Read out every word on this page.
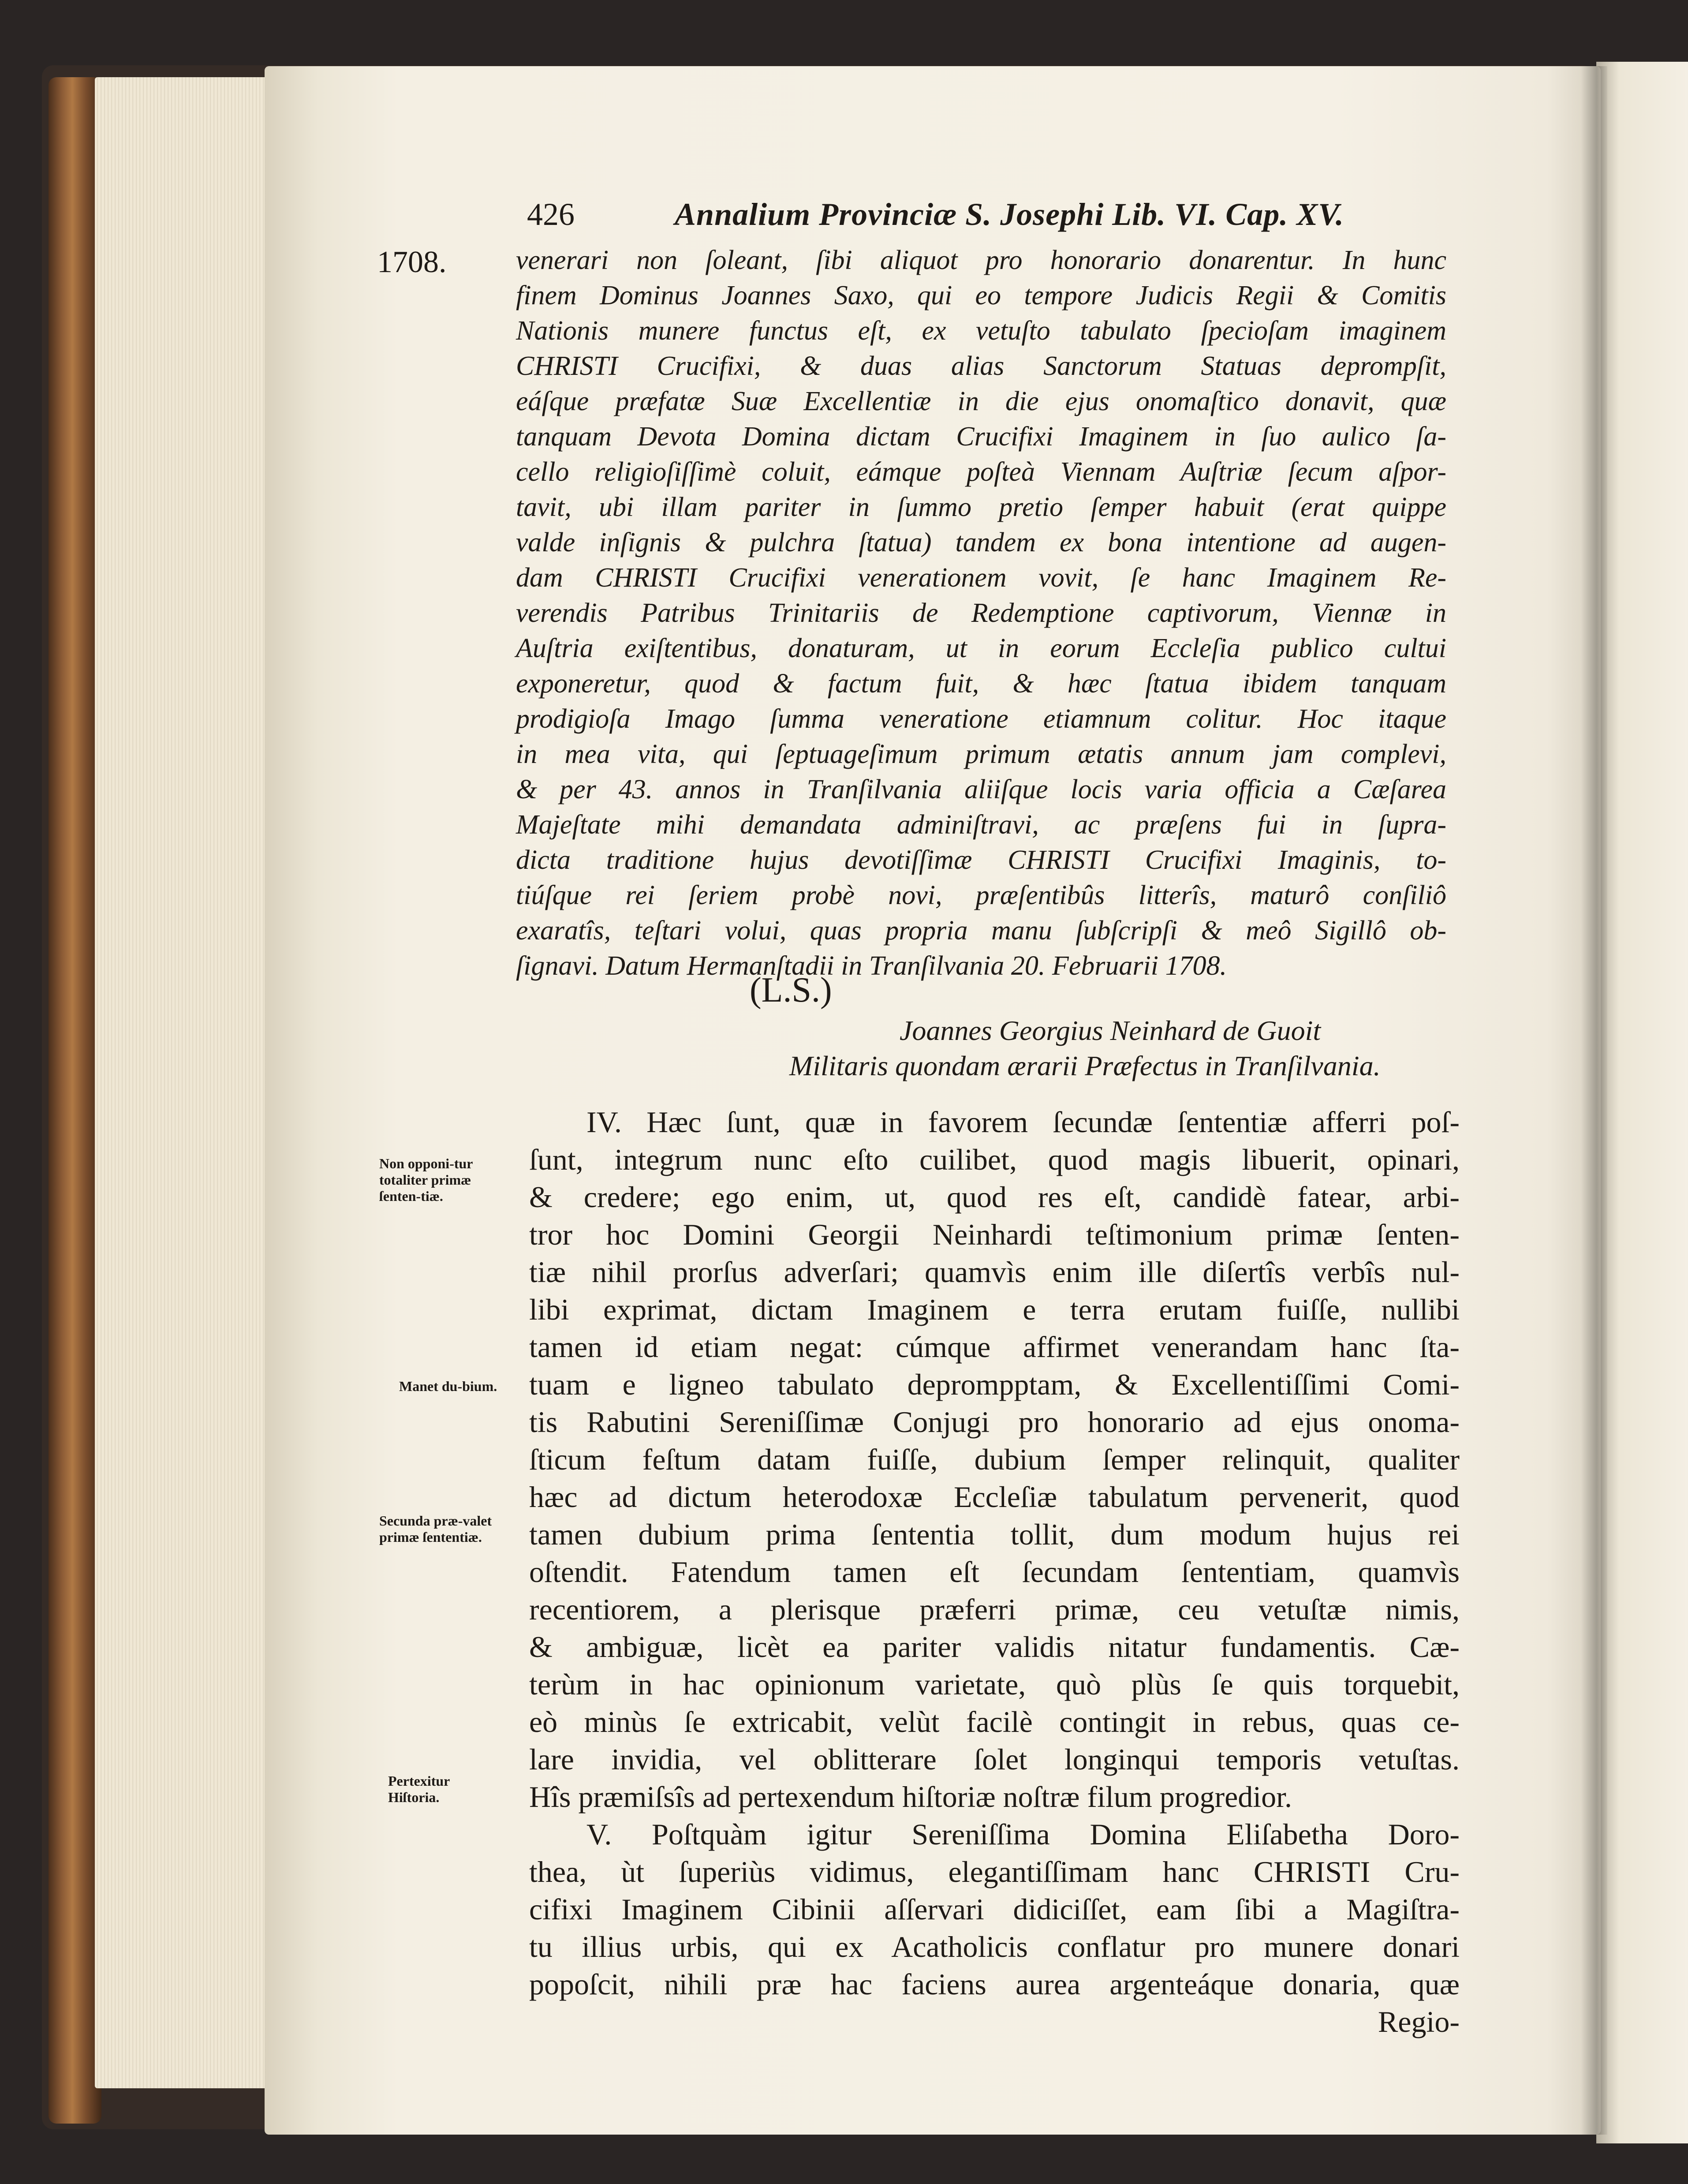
426	Annalium Provinciæ S. Josephi Lib. VI. Cap. XV.
1708.	venerari non ſoleant, ſibi aliquot pro honorario donarentur. In hunc
finem Dominus Joannes Saxo, qui eo tempore Judicis Regii & Comitis
Nationis munere functus eſt, ex vetuſto tabulato ſpecioſam imaginem
CHRISTI Crucifixi, & duas alias Sanctorum Statuas deprompſit,
eáſque præfatæ Suæ Excellentiæ in die ejus onomaſtico donavit, quæ
tanquam Devota Domina dictam Crucifixi Imaginem in ſuo aulico ſa-
cello religioſiſſimè coluit, eámque poſteà Viennam Auſtriæ ſecum aſpor-
tavit, ubi illam pariter in ſummo pretio ſemper habuit (erat quippe
valde inſignis & pulchra ſtatua) tandem ex bona intentione ad augen-
dam CHRISTI Crucifixi venerationem vovit, ſe hanc Imaginem Re-
verendis Patribus Trinitariis de Redemptione captivorum, Viennæ in
Auſtria exiſtentibus, donaturam, ut in eorum Eccleſia publico cultui
exponeretur, quod & factum fuit, & hæc ſtatua ibidem tanquam
prodigioſa Imago ſumma veneratione etiamnum colitur. Hoc itaque
in mea vita, qui ſeptuageſimum primum ætatis annum jam complevi,
& per 43. annos in Tranſilvania aliiſque locis varia officia a Cæſarea
Majeſtate mihi demandata adminiſtravi, ac præſens fui in ſupra-
dicta traditione hujus devotiſſimæ CHRISTI Crucifixi Imaginis, to-
tiúſque rei ſeriem probè novi, præſentibûs litterîs, maturô conſiliô
exaratîs, teſtari volui, quas propria manu ſubſcripſi & meô Sigillô ob-
(L.S.)
Joannes Georgius Neinhard de Guoit
Militaris quondam ærarii Præfectus in Tranſilvania.
IV. Hæc ſunt, quæ in favorem ſecundæ ſententiæ afferri poſ-
ſunt, integrum nunc eſto cuilibet, quod magis libuerit, opinari,
& credere; ego enim, ut, quod res eſt, candidè fatear, arbi-
tror hoc Domini Georgii Neinhardi teſtimonium primæ ſenten-
tiæ nihil prorſus adverſari; quamvìs enim ille diſertîs verbîs nul-
libi exprimat, dictam Imaginem e terra erutam fuiſſe, nullibi
tamen id etiam negat: cúmque affirmet venerandam hanc ſta-
tuam e ligneo tabulato deprompptam, & Excellentiſſimi Comi-
tis Rabutini Sereniſſimæ Conjugi pro honorario ad ejus onoma-
ſticum feſtum datam fuiſſe, dubium ſemper relinquit, qualiter
hæc ad dictum heterodoxæ Eccleſiæ tabulatum pervenerit, quod
tamen dubium prima ſententia tollit, dum modum hujus rei
oſtendit. Fatendum tamen eſt ſecundam ſententiam, quamvìs
recentiorem, a plerisque præferri primæ, ceu vetuſtæ nimis,
& ambiguæ, licèt ea pariter validis nitatur fundamentis. Cæ-
terùm in hac opinionum varietate, quò plùs ſe quis torquebit,
eò minùs ſe extricabit, velùt facilè contingit in rebus, quas ce-
lare invidia, vel oblitterare ſolet longinqui temporis vetuſtas.
Hîs præmiſsîs ad pertexendum hiſtoriæ noſtræ filum progredior.
V. Poſtquàm igitur Sereniſſima Domina Eliſabetha Doro-
thea, ùt ſuperiùs vidimus, elegantiſſimam hanc CHRISTI Cru-
cifixi Imaginem Cibinii aſſervari didiciſſet, eam ſibi a Magiſtra-
tu illius urbis, qui ex Acatholicis conflatur pro munere donari
popoſcit, nihili præ hac faciens aurea argenteáque donaria, quæ
Regio-
Non opponi-tur totaliter primæ ſenten-tiæ.
Manet du-bium.
Secunda præ-valet primæ ſententiæ.
Pertexitur Hiſtoria.
ſignavi. Datum Hermanſtadii in Tranſilvania 20. Februarii 1708.
